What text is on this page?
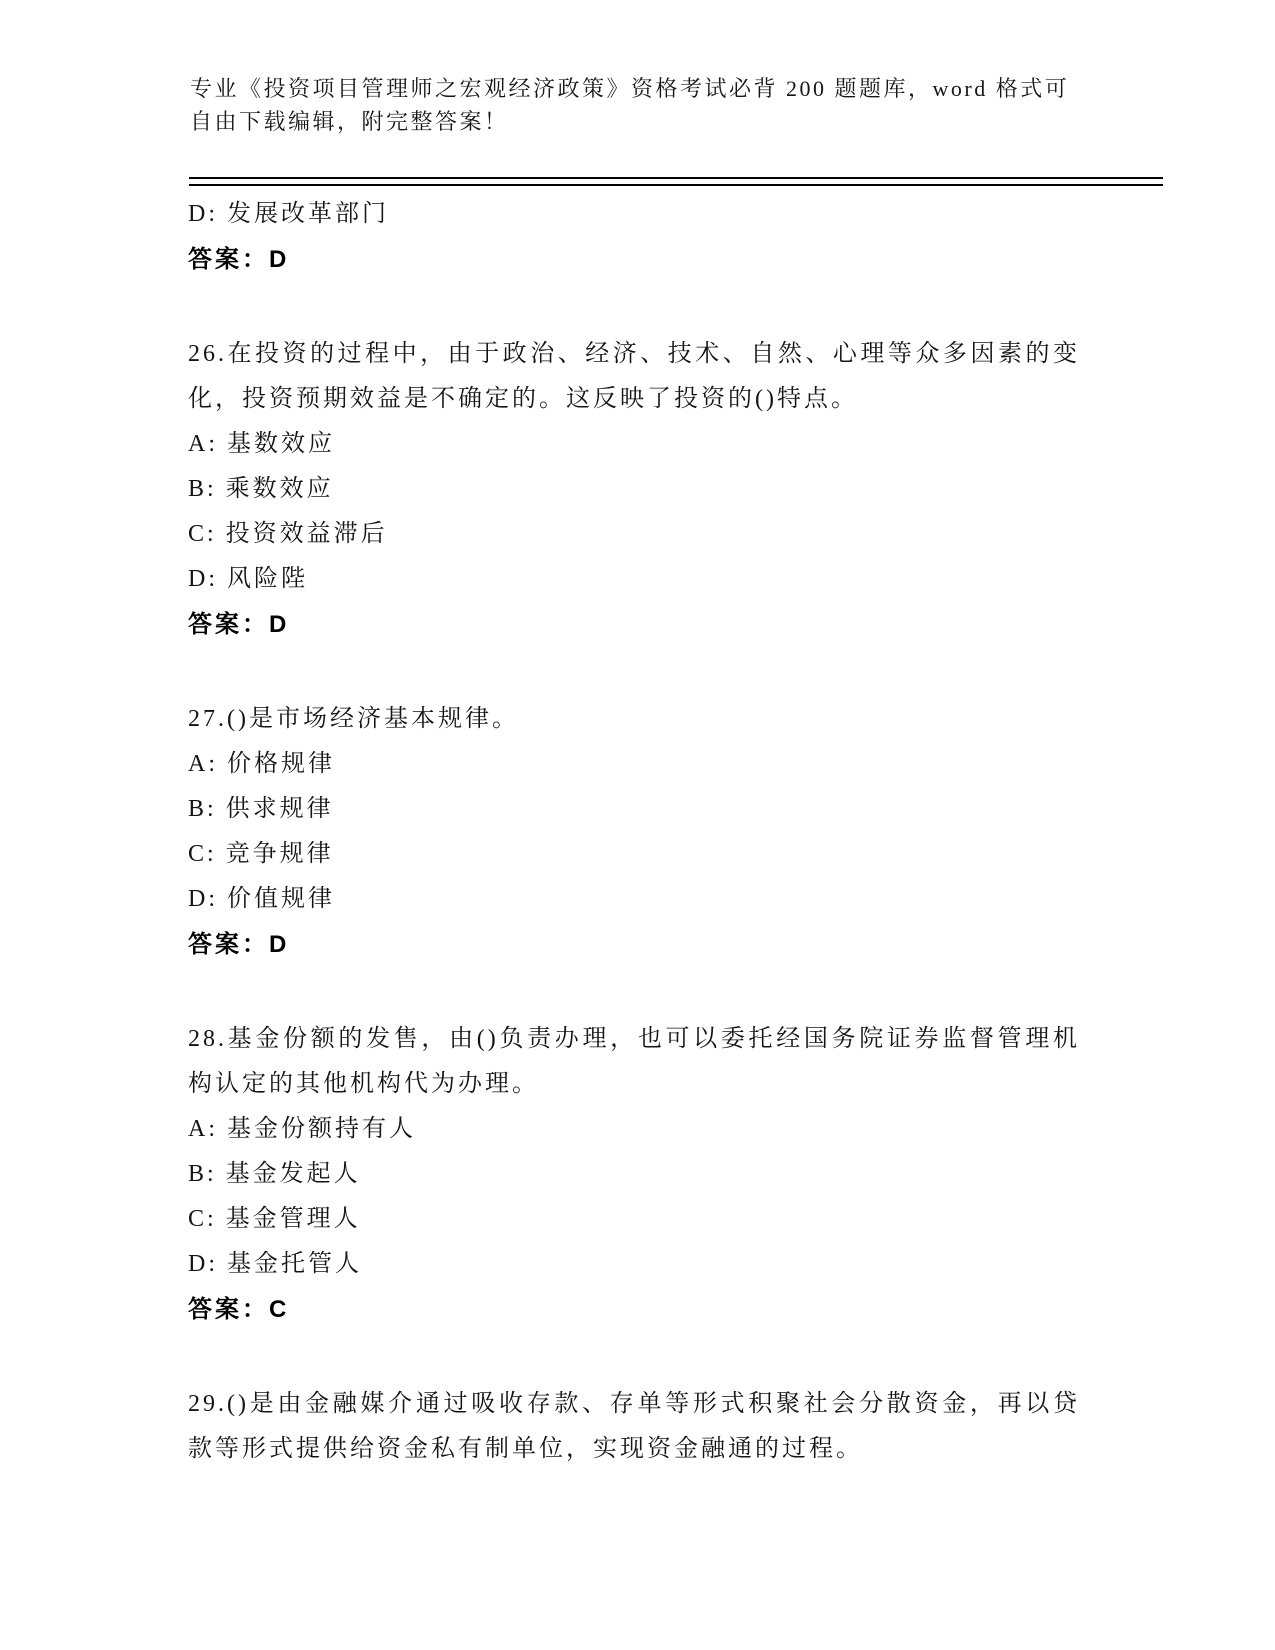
专业《投资项目管理师之宏观经济政策》资格考试必背 200 题题库，word 格式可
自由下载编辑，附完整答案！

D: 发展改革部门

答案：D

26.在投资的过程中，由于政治、经济、技术、自然、心理等众多因素的变化，投资预期效益是不确定的。这反映了投资的()特点。

A: 基数效应

B: 乘数效应

C: 投资效益滞后

D: 风险陛

答案：D

27.()是市场经济基本规律。

A: 价格规律

B: 供求规律

C: 竞争规律

D: 价值规律

答案：D

28.基金份额的发售，由()负责办理，也可以委托经国务院证券监督管理机构认定的其他机构代为办理。

A: 基金份额持有人

B: 基金发起人

C: 基金管理人

D: 基金托管人

答案：C

29.()是由金融媒介通过吸收存款、存单等形式积聚社会分散资金，再以贷款等形式提供给资金私有制单位，实现资金融通的过程。
